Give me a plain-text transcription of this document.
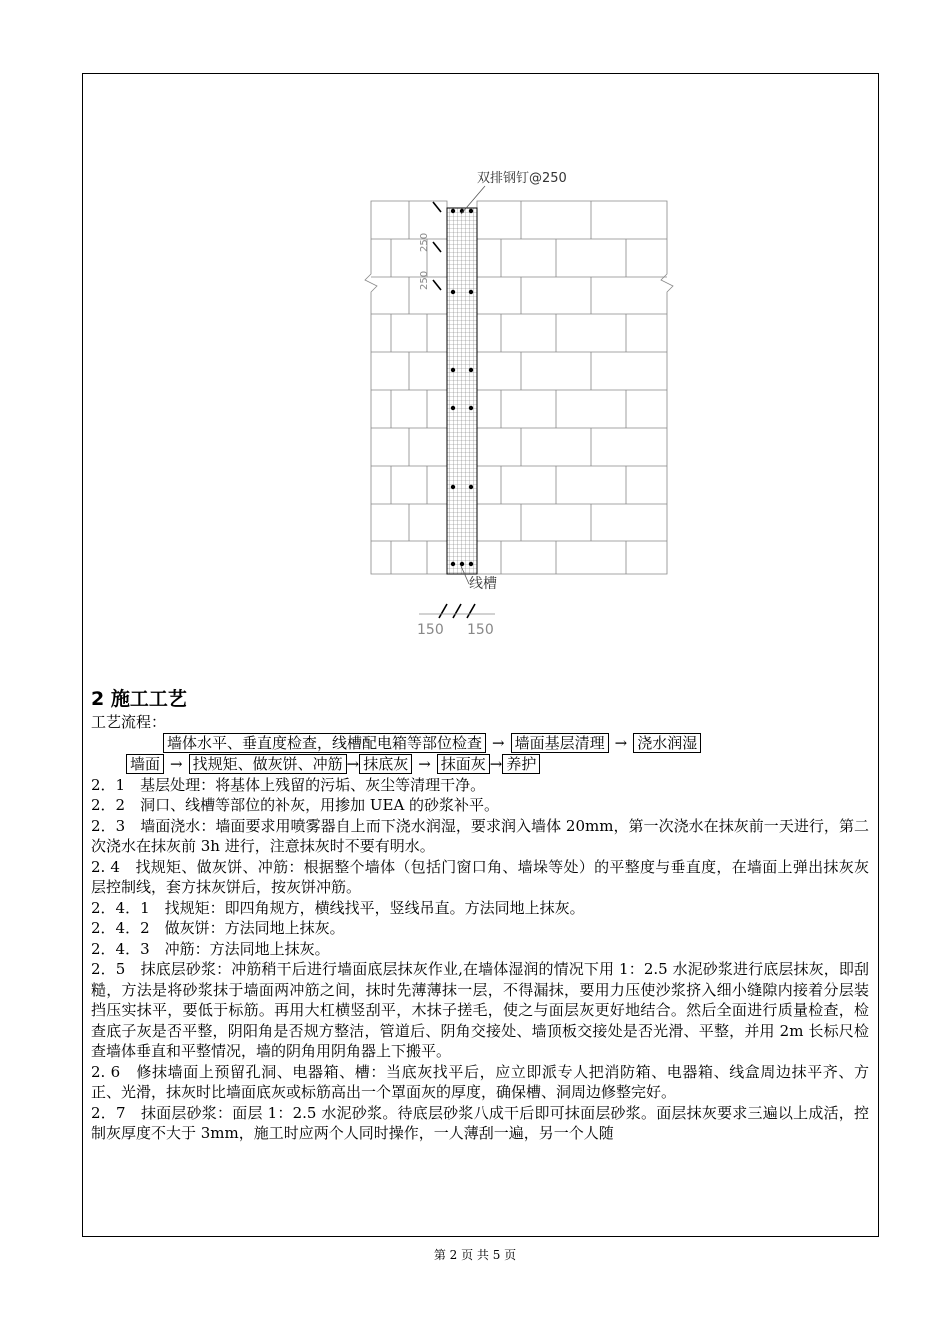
双排钢钉@250
250
250
线槽
150 150
2 施工工艺

工艺流程：

墙体水平、垂直度检查，线槽配电箱等部位检查 → 墙面基层清理 → 浇水润湿

墙面 → 找规矩、做灰饼、冲筋 → 抹底灰 → 抹面灰 → 养护

2．1　基层处理：将基体上残留的污垢、灰尘等清理干净。

2．2　洞口、线槽等部位的补灰，用掺加 UEA 的砂浆补平。

2．3　墙面浇水：墙面要求用喷雾器自上而下浇水润湿，要求润入墙体 20mm，第一次浇水在抹灰前一天进行，第二次浇水在抹灰前 3h 进行，注意抹灰时不要有明水。

2. 4　找规矩、做灰饼、冲筋：根据整个墙体（包括门窗口角、墙垛等处）的平整度与垂直度，在墙面上弹出抹灰灰层控制线，套方抹灰饼后，按灰饼冲筋。

2．4．1　找规矩：即四角规方，横线找平，竖线吊直。方法同地上抹灰。

2．4．2　做灰饼：方法同地上抹灰。

2．4．3　冲筋：方法同地上抹灰。

2．5　抹底层砂浆：冲筋稍干后进行墙面底层抹灰作业,在墙体湿润的情况下用 1：2.5 水泥砂浆进行底层抹灰，即刮糙，方法是将砂浆抹于墙面两冲筋之间，抹时先薄薄抹一层，不得漏抹，要用力压使沙浆挤入细小缝隙内接着分层装挡压实抹平，要低于标筋。再用大杠横竖刮平，木抹子搓毛，使之与面层灰更好地结合。然后全面进行质量检查，检查底子灰是否平整，阴阳角是否规方整洁，管道后、阴角交接处、墙顶板交接处是否光滑、平整，并用 2m 长标尺检查墙体垂直和平整情况，墙的阴角用阴角器上下搬平。

2. 6　修抹墙面上预留孔洞、电器箱、槽：当底灰找平后，应立即派专人把消防箱、电器箱、线盒周边抹平齐、方正、光滑，抹灰时比墙面底灰或标筋高出一个罩面灰的厚度，确保槽、洞周边修整完好。

2．7　抹面层砂浆：面层 1：2.5 水泥砂浆。待底层砂浆八成干后即可抹面层砂浆。面层抹灰要求三遍以上成活，控制灰厚度不大于 3mm，施工时应两个人同时操作，一人薄刮一遍，另一个人随

第 2 页 共 5 页
